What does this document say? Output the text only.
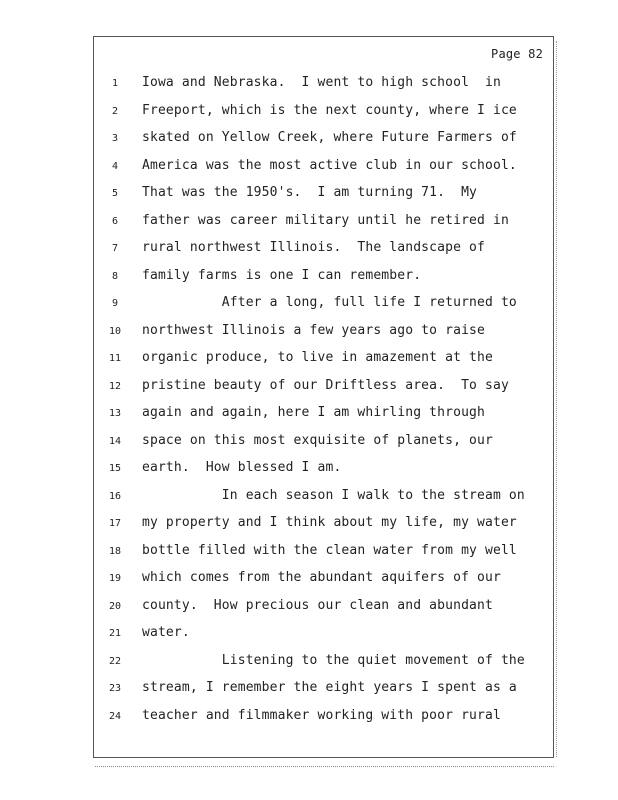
Page 82
1	Iowa and Nebraska.  I went to high school  in
2	Freeport, which is the next county, where I ice
3	skated on Yellow Creek, where Future Farmers of
4	America was the most active club in our school.
5	That was the 1950's.  I am turning 71.  My
6	father was career military until he retired in
7	rural northwest Illinois.  The landscape of
8	family farms is one I can remember.
9	After a long, full life I returned to
10 northwest Illinois a few years ago to raise
11 organic produce, to live in amazement at the
12 pristine beauty of our Driftless area.  To say
13 again and again, here I am whirling through
14 space on this most exquisite of planets, our
15 earth.  How blessed I am.
16 In each season I walk to the stream on
17 my property and I think about my life, my water
18 bottle filled with the clean water from my well
19 which comes from the abundant aquifers of our
20 county.  How precious our clean and abundant
21 water.
22 Listening to the quiet movement of the
23 stream, I remember the eight years I spent as a
24 teacher and filmmaker working with poor rural
